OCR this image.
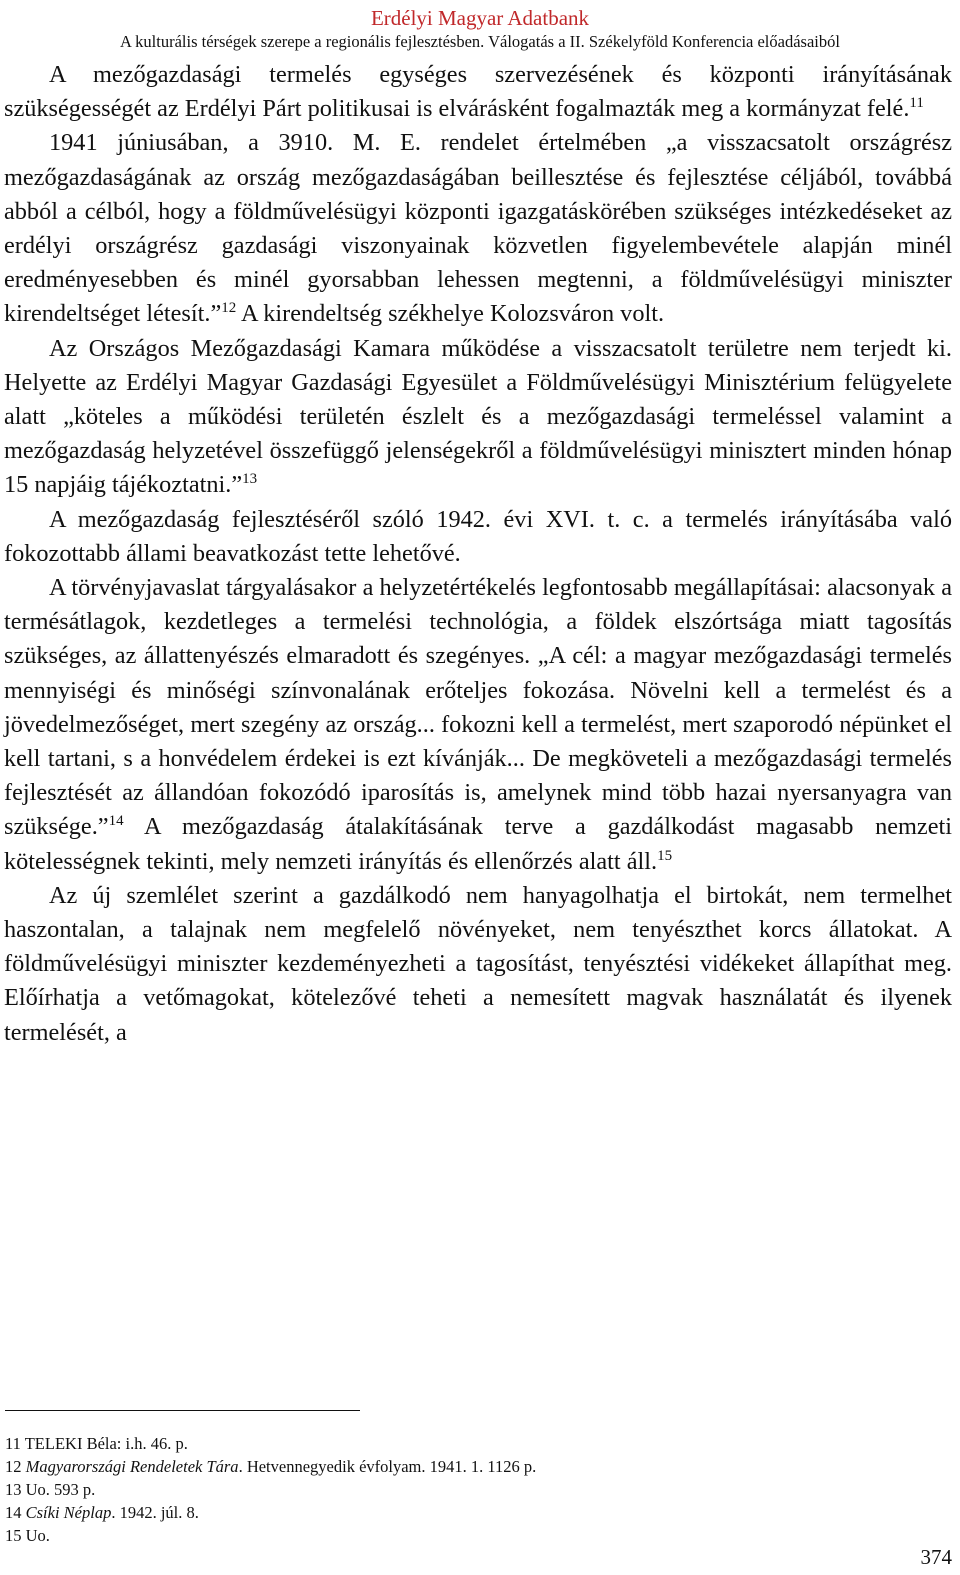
Erdélyi Magyar Adatbank
A kulturális térségek szerepe a regionális fejlesztésben. Válogatás a II. Székelyföld Konferencia előadásaiból

A mezőgazdasági termelés egységes szervezésének és központi irányításának szükségességét az Erdélyi Párt politikusai is elvárásként fogalmazták meg a kormányzat felé.$^{11}$

1941 júniusában, a 3910. M. E. rendelet értelmében „a visszacsatolt országrész mezőgazdaságának az ország mezőgazdaságában beillesztése és fejlesztése céljából, továbbá abból a célból, hogy a földművelésügyi központi igazgatáskörében szükséges intézkedéseket az erdélyi országrész gazdasági viszonyainak közvetlen figyelembevétele alapján minél eredményesebben és minél gyorsabban lehessen megtenni, a földművelésügyi miniszter kirendeltséget létesít.”$^{12}$ A kirendeltség székhelye Kolozsváron volt.

Az Országos Mezőgazdasági Kamara működése a visszacsatolt területre nem terjedt ki. Helyette az Erdélyi Magyar Gazdasági Egyesület a Földművelésügyi Minisztérium felügyelete alatt „köteles a működési területén észlelt és a mezőgazdasági termeléssel valamint a mezőgazdaság helyzetével összefüggő jelenségekről a földművelésügyi minisztert minden hónap 15 napjáig tájékoztatni.”$^{13}$

A mezőgazdaság fejlesztéséről szóló 1942. évi XVI. t. c. a termelés irányításába való fokozottabb állami beavatkozást tette lehetővé.

A törvényjavaslat tárgyalásakor a helyzetértékelés legfontosabb megállapításai: alacsonyak a termésátlagok, kezdetleges a termelési technológia, a földek elszórtsága miatt tagosítás szükséges, az állattenyészés elmaradott és szegényes. „A cél: a magyar mezőgazdasági termelés mennyiségi és minőségi színvonalának erőteljes fokozása. Növelni kell a termelést és a jövedelmezőséget, mert szegény az ország... fokozni kell a termelést, mert szaporodó népünket el kell tartani, s a honvédelem érdekei is ezt kívánják... De megköveteli a mezőgazdasági termelés fejlesztését az állandóan fokozódó iparosítás is, amelynek mind több hazai nyersanyagra van szüksége.”$^{14}$ A mezőgazdaság átalakításának terve a gazdálkodást magasabb nemzeti kötelességnek tekinti, mely nemzeti irányítás és ellenőrzés alatt áll.$^{15}$

Az új szemlélet szerint a gazdálkodó nem hanyagolhatja el birtokát, nem termelhet haszontalan, a talajnak nem megfelelő növényeket, nem tenyészthet korcs állatokat. A földművelésügyi miniszter kezdeményezheti a tagosítást, tenyésztési vidékeket állapíthat meg. Előírhatja a vetőmagokat, kötelezővé teheti a nemesített magvak használatát és ilyenek termelését, a

11 TELEKI Béla: i.h. 46. p.
12 Magyarországi Rendeletek Tára. Hetvennegyedik évfolyam. 1941. 1. 1126 p.
13 Uo. 593 p.
14 Csíki Néplap. 1942. júl. 8.
15 Uo.
374
